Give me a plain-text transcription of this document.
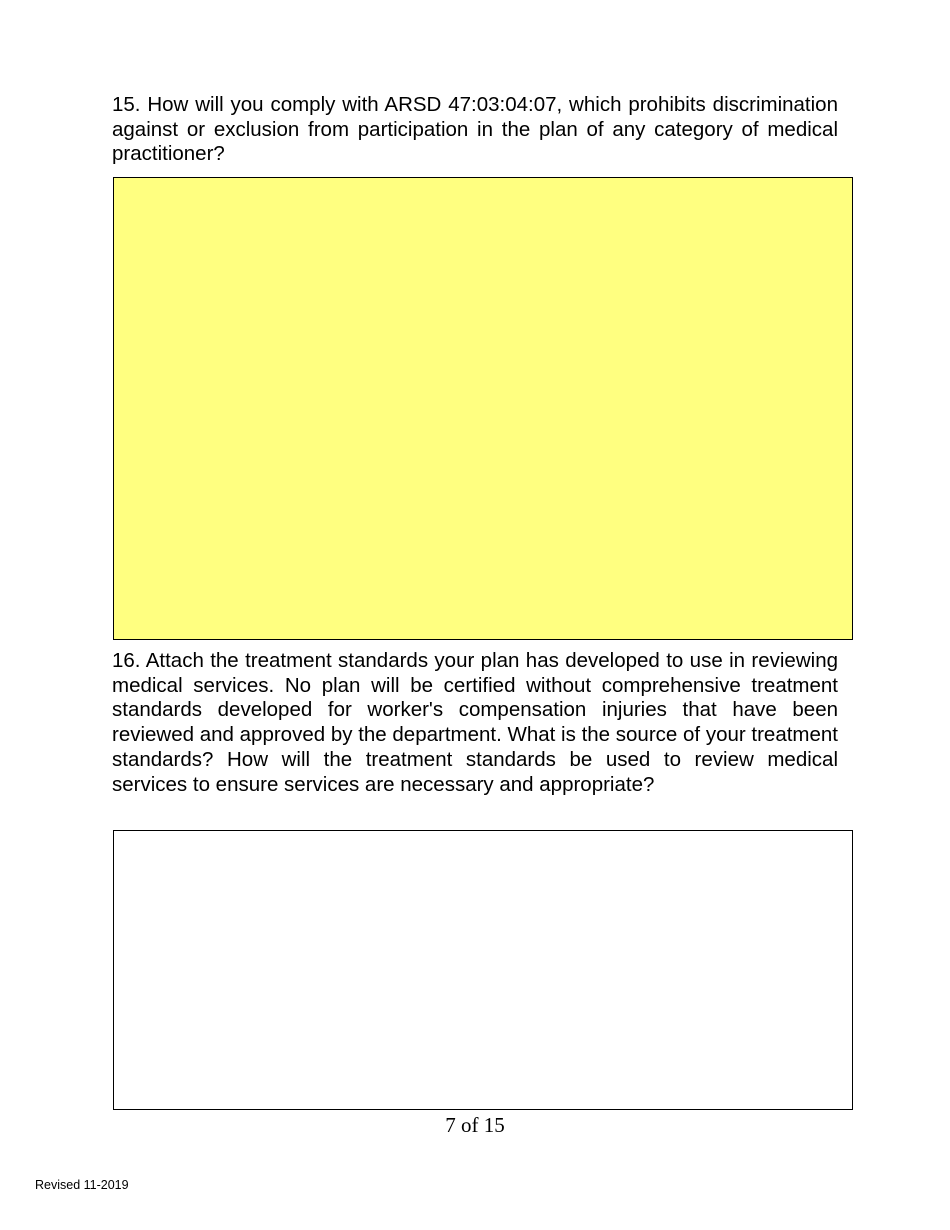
15. How will you comply with ARSD 47:03:04:07, which prohibits discrimination against or exclusion from participation in the plan of any category of medical practitioner?

16. Attach the treatment standards your plan has developed to use in reviewing medical services. No plan will be certified without comprehensive treatment standards developed for worker's compensation injuries that have been reviewed and approved by the department. What is the source of your treatment standards? How will the treatment standards be used to review medical services to ensure services are necessary and appropriate?

7 of 15
Revised 11-2019
